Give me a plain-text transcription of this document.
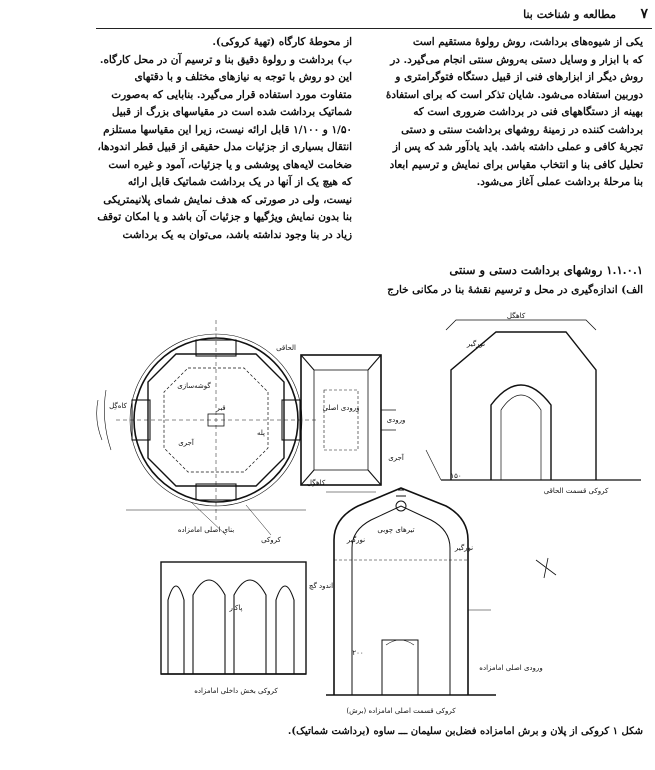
۷
مطالعه و شناخت بنا

یکی از شیوه‌های برداشت، روش رولوهٔ مستقیم است

که با ابزار و وسایل دستی به‌روش سنتی انجام می‌گیرد. در

روش دیگر از ابزارهای فنی از قبیل دستگاه فتوگرامتری و

دوربین استفاده می‌شود. شایان تذکر است که برای استفادهٔ

بهینه از دستگاههای فنی در برداشت ضروری است که

برداشت کننده در زمینهٔ روشهای برداشت سنتی و دستی

تجربهٔ کافی و عملی داشته باشد. باید یادآور شد که پس از

تحلیل کافی بنا و انتخاب مقیاس برای نمایش و ترسیم ابعاد

بنا مرحلهٔ برداشت عملی آغاز می‌شود.

از محوطهٔ کارگاه (تهیهٔ کروکی).

ب) برداشت و رولوهٔ دقیق بنا و ترسیم آن در محل کارگاه.

این دو روش با توجه به نیازهای مختلف و با دقتهای

متفاوت مورد استفاده قرار می‌گیرد. بنابایی که به‌صورت

شماتیک برداشت شده است در مقیاسهای بزرگ از قبیل

۱/۵۰ و ۱/۱۰۰ قابل ارائه نیست، زیرا این مقیاسها مستلزم

انتقال بسیاری از جزئیات مدل حقیقی از قبیل قطر اندودها،

ضخامت لایه‌های پوششی و یا جزئیات، آمود و غیره است

که هیچ یک از آنها در یک برداشت شماتیک قابل ارائه

نیست، ولی در صورتی که هدف نمایش شمای پلانیمتریکی

بنا بدون نمایش ویژگیها و جزئیات آن باشد و یا امکان توقف

زیاد در بنا وجود نداشته باشد، می‌توان به یک برداشت

۱.۱.۰.۱ روشهای برداشت دستی و سنتی
الف) اندازه‌گیری در محل و ترسیم نقشهٔ بنا در مکانی خارج
الحاقی
گوشه‌سازی
قبر
آجری
پله
ورودی اصلی
ورودی
آجری
کاه‌گِل
کاهگِل
بنای اصلی امامزاده
کروکی
کاهگل
نورگیر
کروکی قسمت الحاقی
۱۵۰
نورگیر
تیرهای چوبی
نورگیر
ورودی اصلی امامزاده
(برش) کروکی قسمت اصلی امامزاده
۲۰۰
اندود گچ
پاکار
کروکی بخش داخلی امامزاده
شکل ۱ کروکی از پلان و برش امامزاده فضل‌بن سلیمان ـــ ساوه (برداشت شماتیک).
